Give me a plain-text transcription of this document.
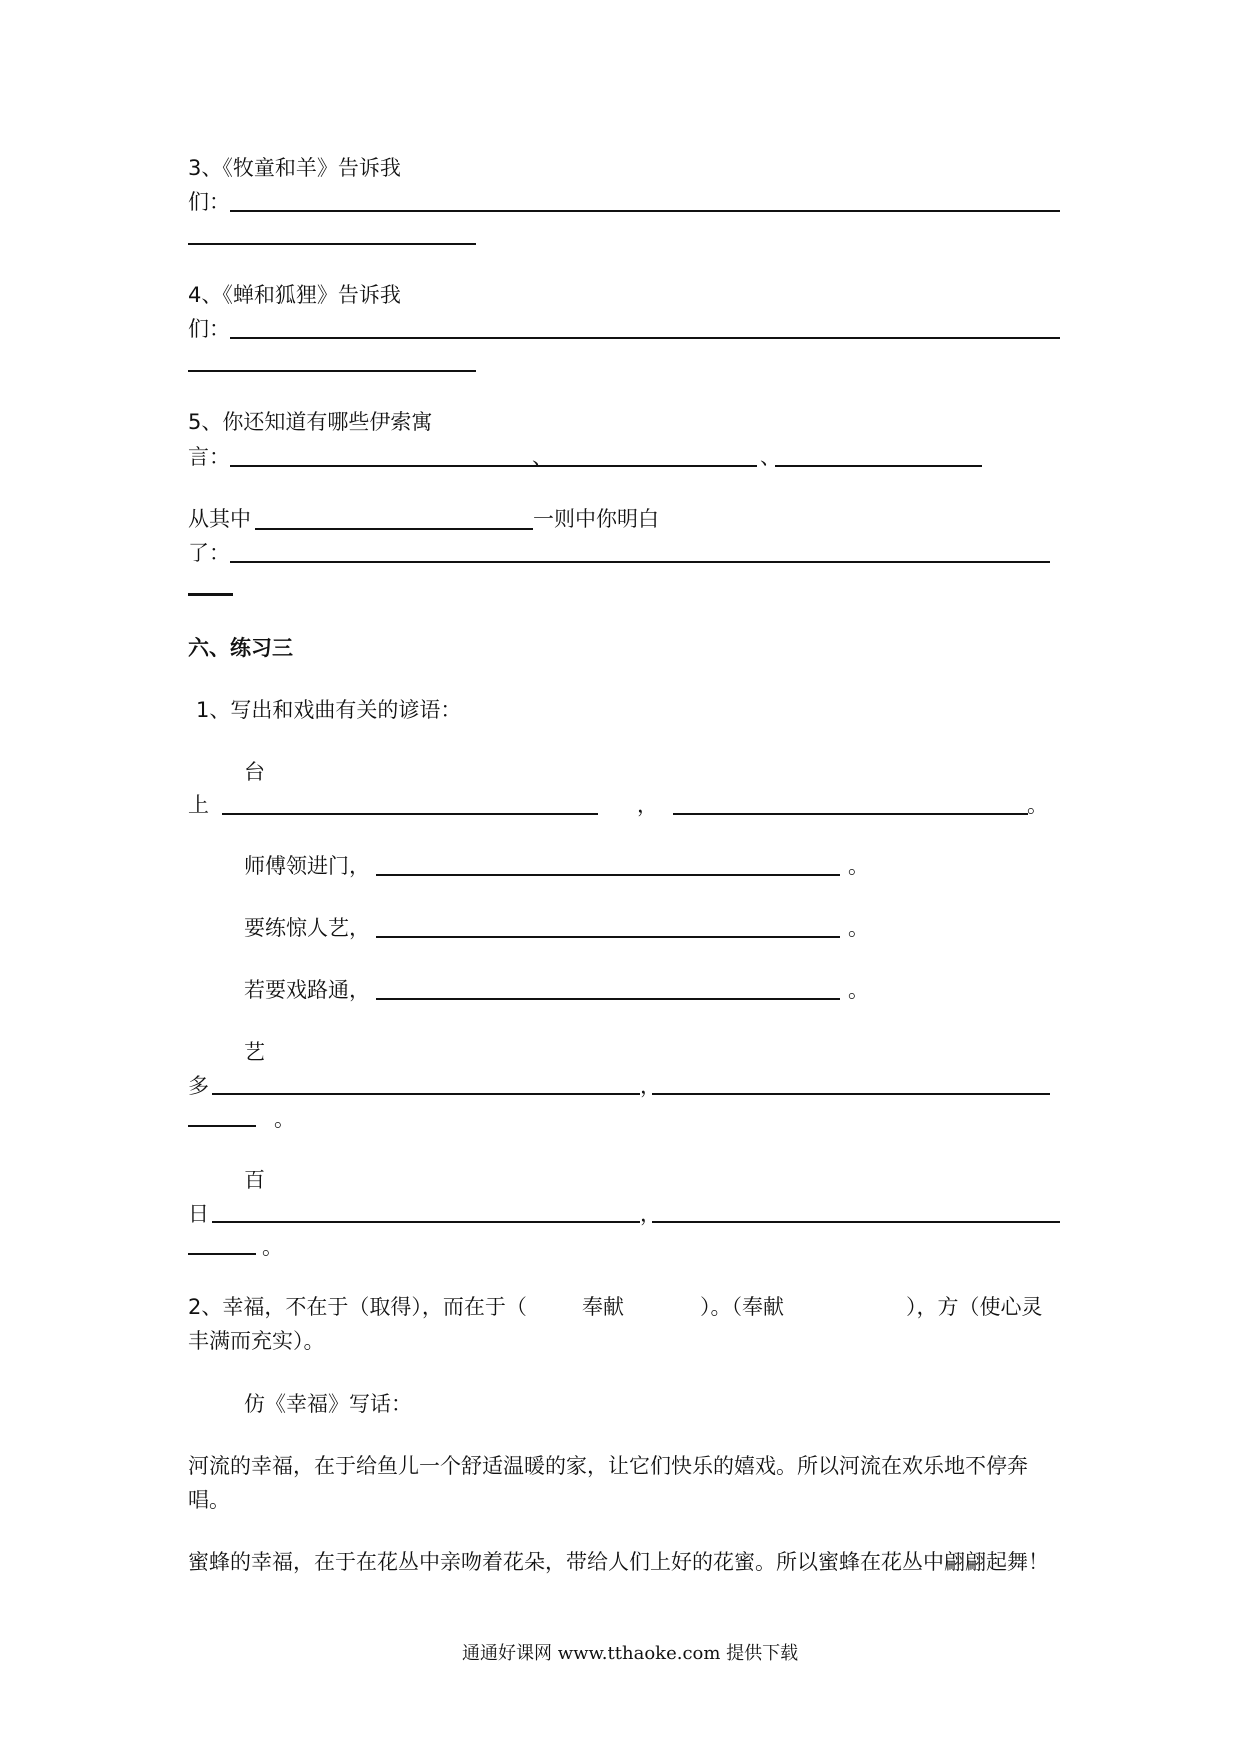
3、《牧童和羊》告诉我
们：
4、《蝉和狐狸》告诉我
们：
5、你还知道有哪些伊索寓
言：	、	、
从其中	一则中你明白
了：
六、练习三
1、写出和戏曲有关的谚语：
台
上	，	。
师傅领进门，	。
要练惊人艺，	。
若要戏路通，	。
艺
多	，
。
百
日	，
。
2、幸福，不在于（取得），而在于（	奉献	）。（奉献	），方（使心灵
丰满而充实）。
仿《幸福》写话：
河流的幸福，在于给鱼儿一个舒适温暖的家，让它们快乐的嬉戏。所以河流在欢乐地不停奔
唱。
蜜蜂的幸福，在于在花丛中亲吻着花朵，带给人们上好的花蜜。所以蜜蜂在花丛中翩翩起舞！
通通好课网 www.tthaoke.com 提供下载
